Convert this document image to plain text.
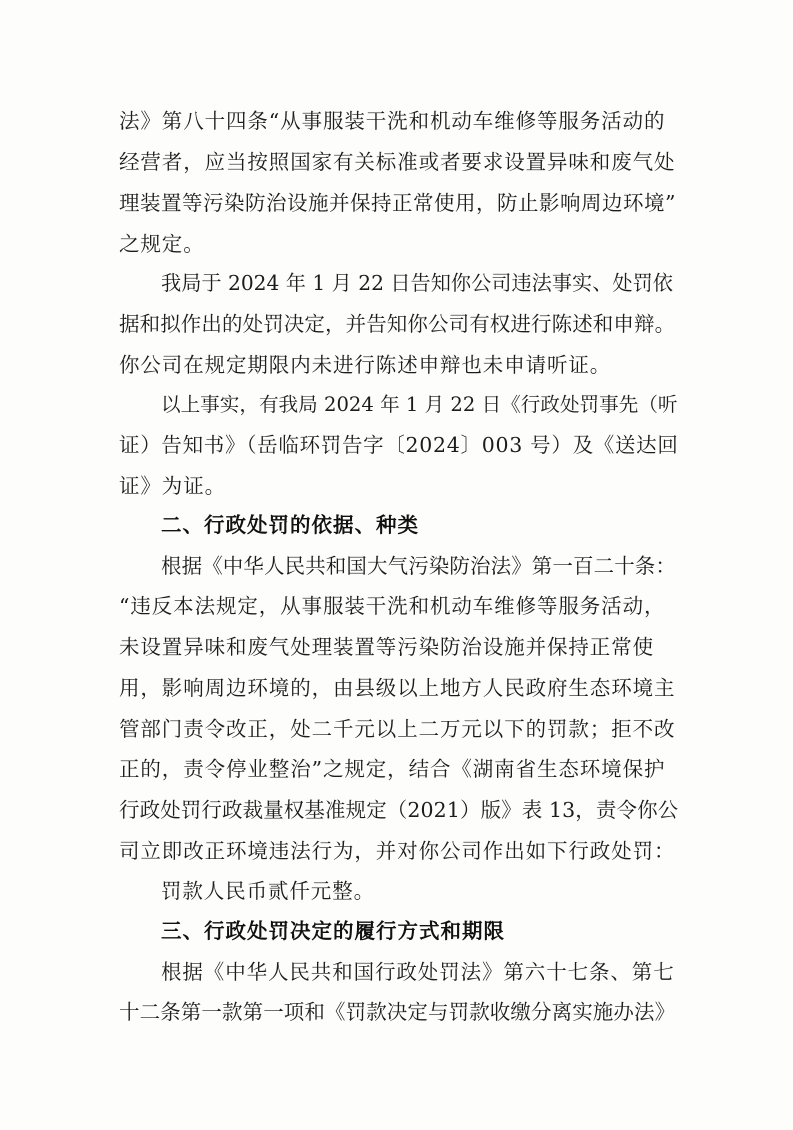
法》第八十四条“从事服装干洗和机动车维修等服务活动的
经营者，应当按照国家有关标准或者要求设置异味和废气处
理装置等污染防治设施并保持正常使用，防止影响周边环境”
之规定。
我局于 2024 年 1 月 22 日告知你公司违法事实、处罚依
据和拟作出的处罚决定，并告知你公司有权进行陈述和申辩。
你公司在规定期限内未进行陈述申辩也未申请听证。
以上事实，有我局 2024 年 1 月 22 日《行政处罚事先（听
证）告知书》（岳临环罚告字〔2024〕003 号）及《送达回
证》为证。
二、行政处罚的依据、种类
根据《中华人民共和国大气污染防治法》第一百二十条：
“违反本法规定，从事服装干洗和机动车维修等服务活动，
未设置异味和废气处理装置等污染防治设施并保持正常使
用，影响周边环境的，由县级以上地方人民政府生态环境主
管部门责令改正，处二千元以上二万元以下的罚款；拒不改
正的，责令停业整治”之规定，结合《湖南省生态环境保护
行政处罚行政裁量权基准规定（2021）版》表 13，责令你公
司立即改正环境违法行为，并对你公司作出如下行政处罚：
罚款人民币贰仟元整。
三、行政处罚决定的履行方式和期限
根据《中华人民共和国行政处罚法》第六十七条、第七
十二条第一款第一项和《罚款决定与罚款收缴分离实施办法》
